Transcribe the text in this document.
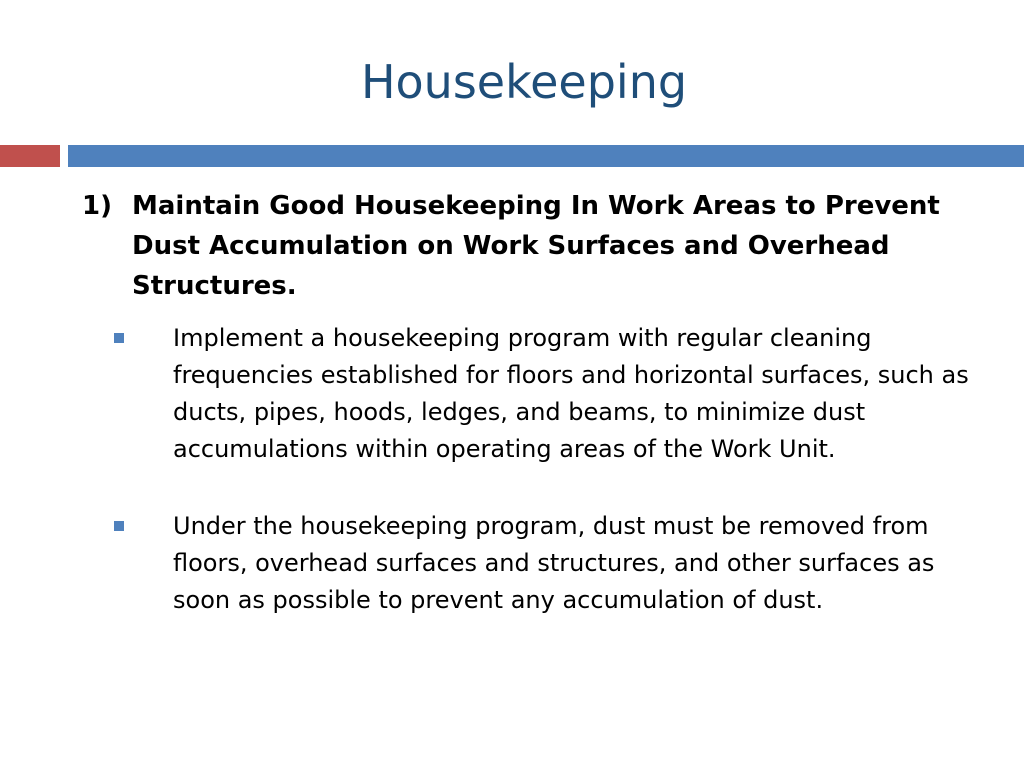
Housekeeping
1) Maintain Good Housekeeping In Work Areas to Prevent Dust Accumulation on Work Surfaces and Overhead Structures.
Implement a housekeeping program with regular cleaning frequencies established for floors and horizontal surfaces, such as ducts, pipes, hoods, ledges, and beams, to minimize dust accumulations within operating areas of the Work Unit.
Under the housekeeping program, dust must be removed from floors, overhead surfaces and structures, and other surfaces as soon as possible to prevent any accumulation of dust.
